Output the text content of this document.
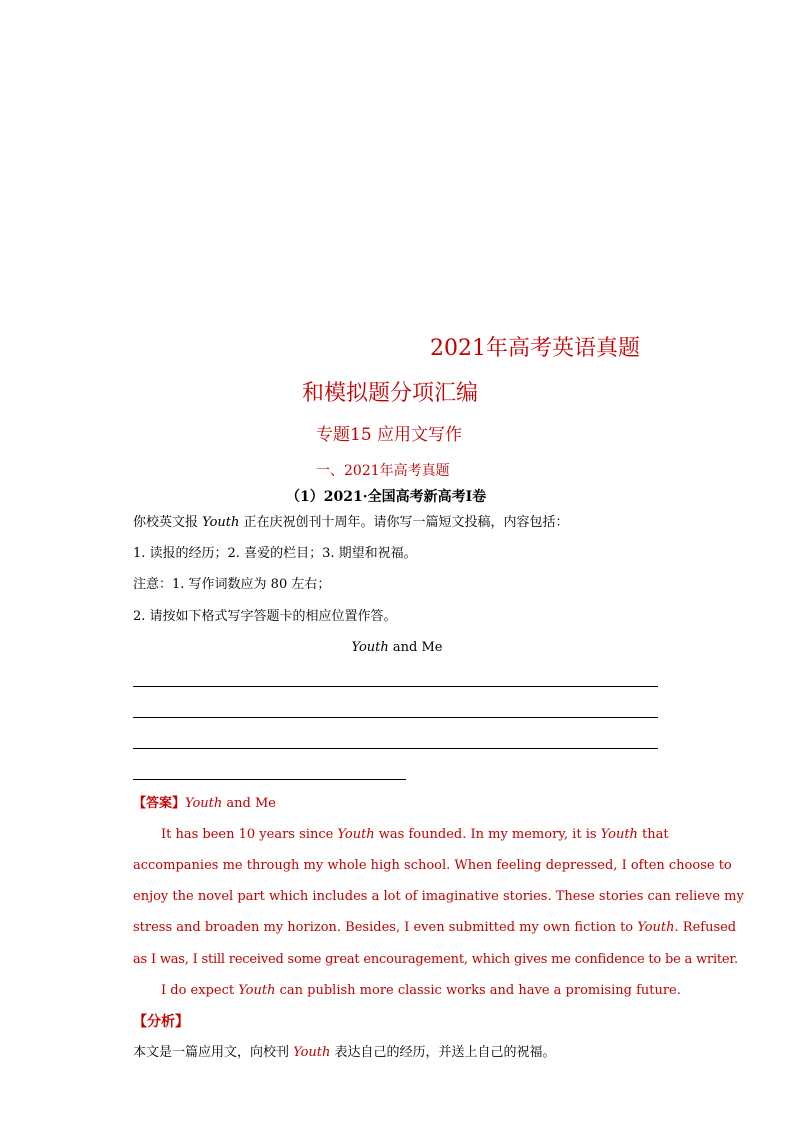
2021年高考英语真题
和模拟题分项汇编
专题15 应用文写作
一、2021年高考真题
（1）2021·全国高考新高考Ⅰ卷
你校英文报 Youth 正在庆祝创刊十周年。请你写一篇短文投稿，内容包括：
1. 读报的经历；2. 喜爱的栏目；3. 期望和祝福。
注意：1. 写作词数应为 80 左右；
2. 请按如下格式写字答题卡的相应位置作答。
Youth and Me
【答案】Youth and Me
It has been 10 years since Youth was founded. In my memory, it is Youth that
accompanies me through my whole high school. When feeling depressed, I often choose to
enjoy the novel part which includes a lot of imaginative stories. These stories can relieve my
stress and broaden my horizon. Besides, I even submitted my own fiction to Youth. Refused
as I was, I still received some great encouragement, which gives me confidence to be a writer.
I do expect Youth can publish more classic works and have a promising future.
【分析】
本文是一篇应用文，向校刊 Youth 表达自己的经历，并送上自己的祝福。
